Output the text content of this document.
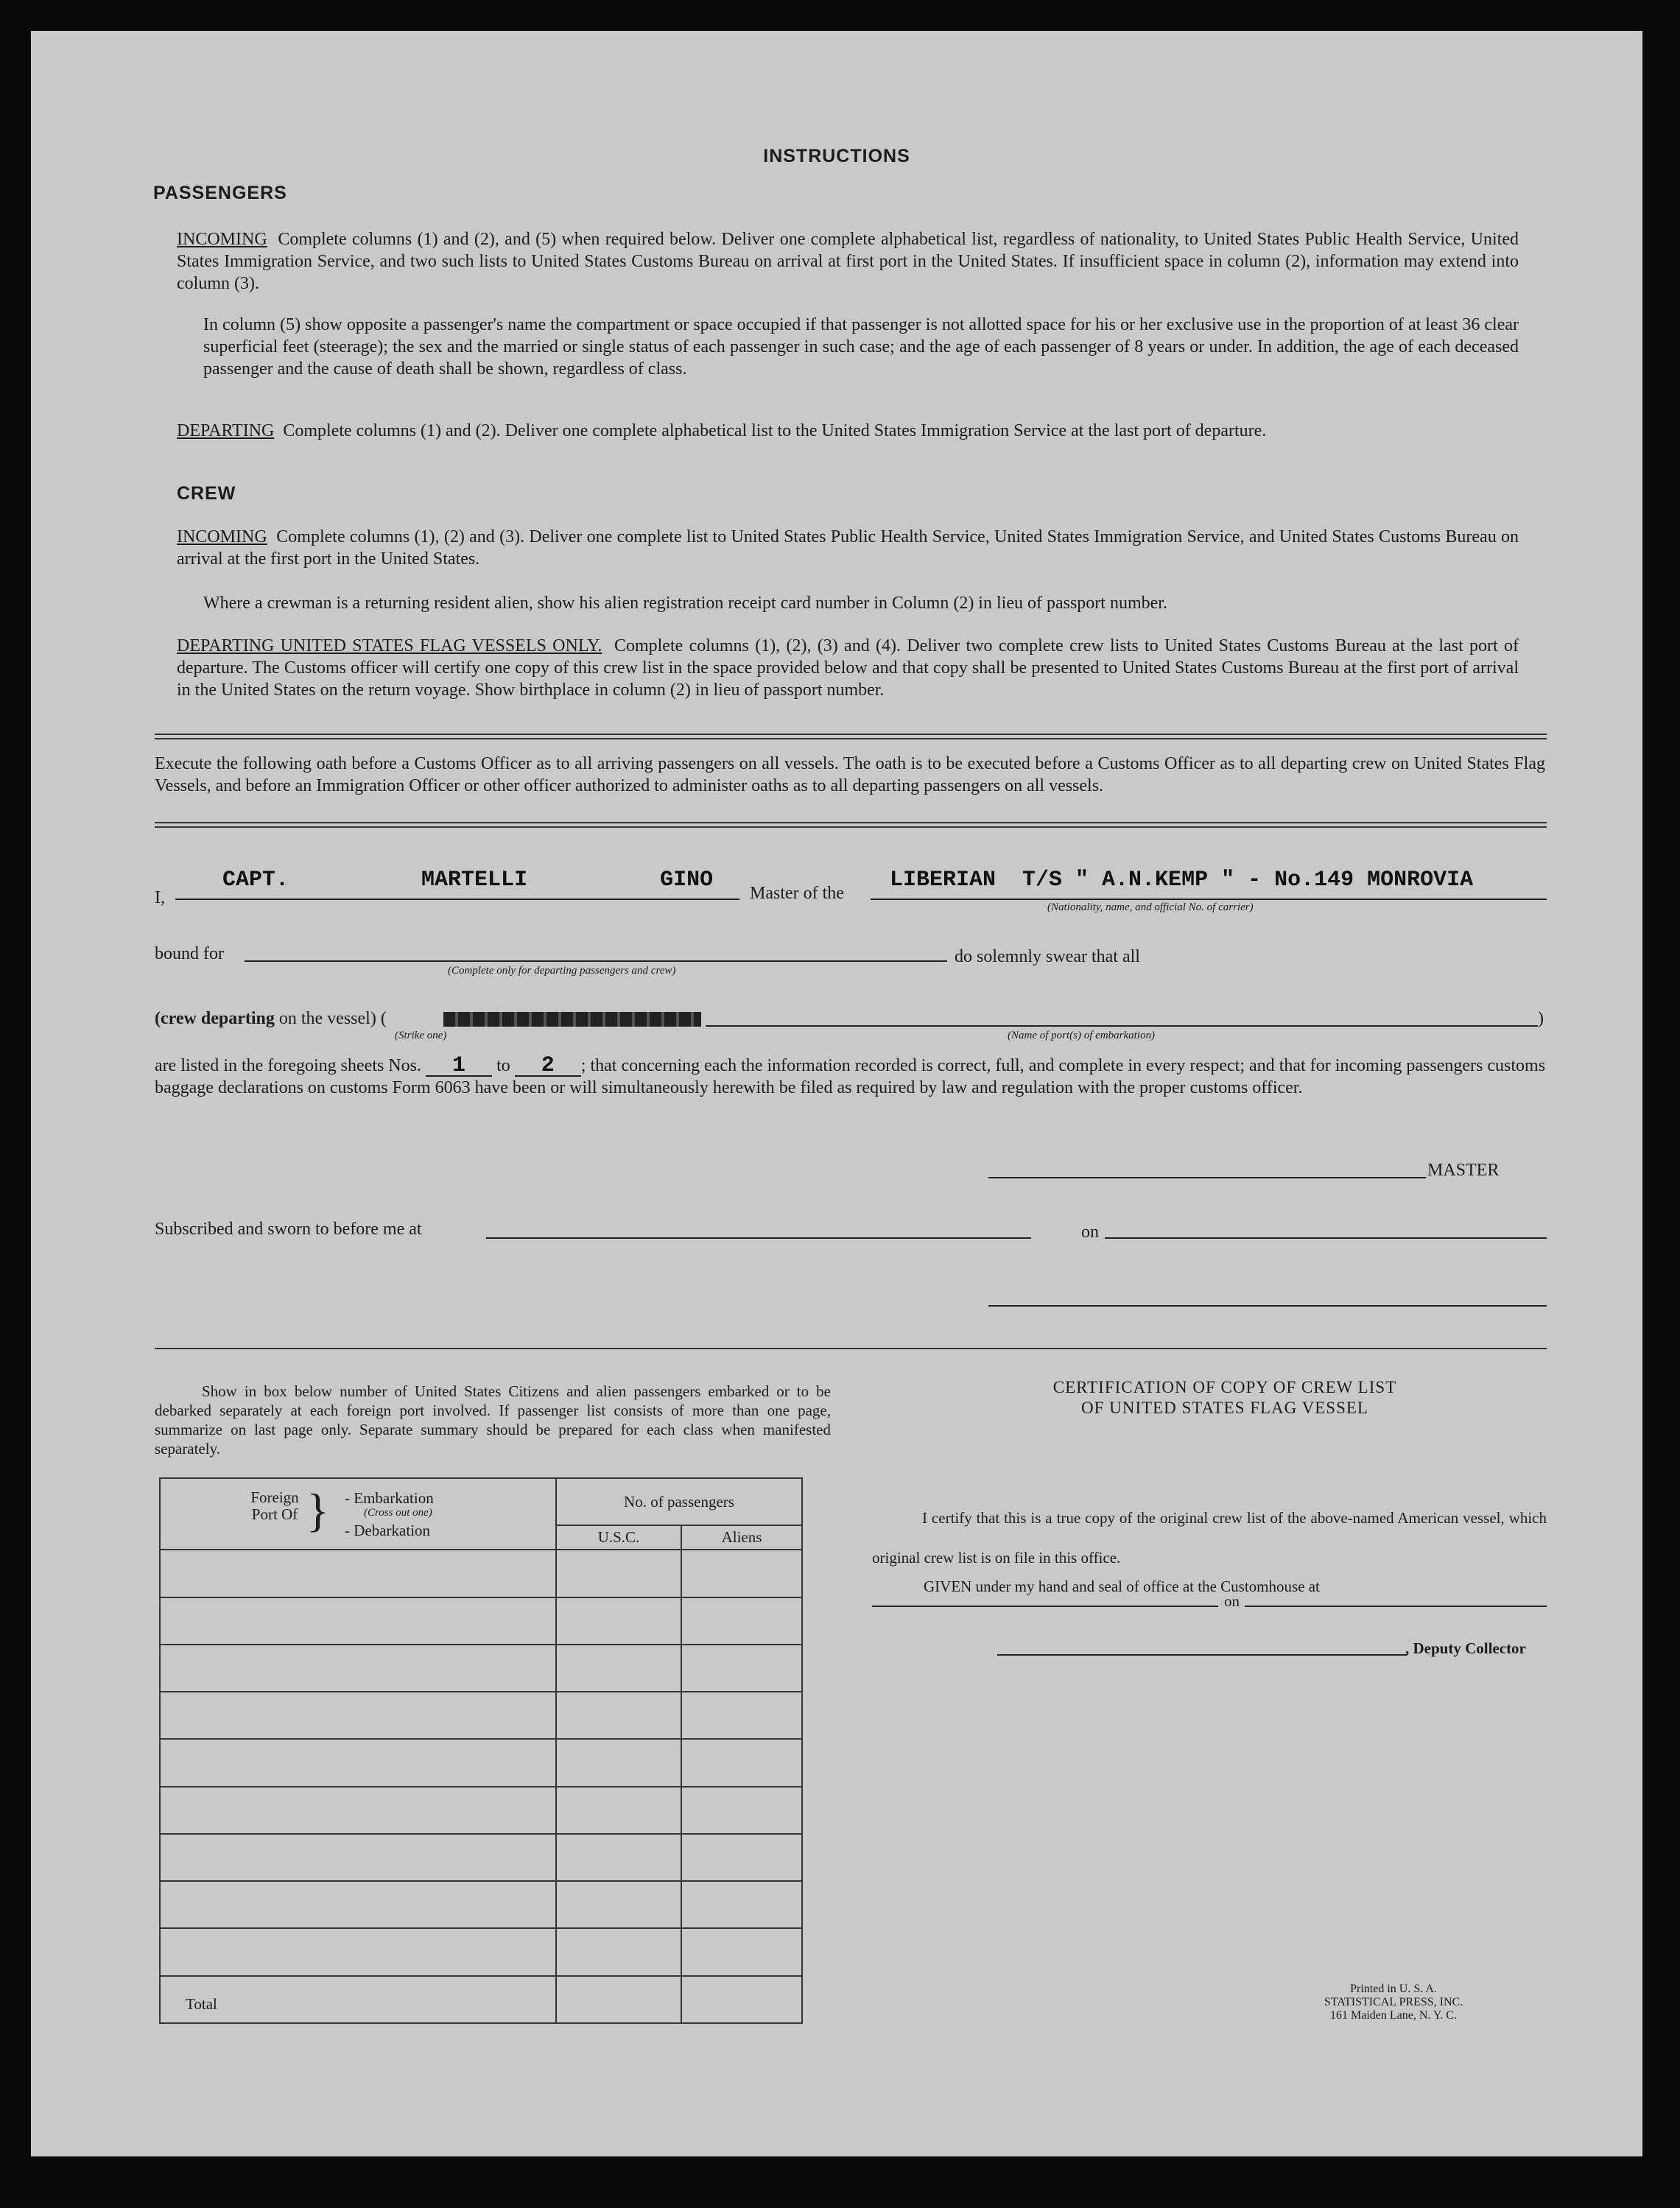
INSTRUCTIONS
PASSENGERS
INCOMING Complete columns (1) and (2), and (5) when required below. Deliver one complete alphabetical list, regardless of nationality, to United States Public Health Service, United States Immigration Service, and two such lists to United States Customs Bureau on arrival at first port in the United States. If insufficient space in column (2), information may extend into column (3).
In column (5) show opposite a passenger's name the compartment or space occupied if that passenger is not allotted space for his or her exclusive use in the proportion of at least 36 clear superficial feet (steerage); the sex and the married or single status of each passenger in such case; and the age of each passenger of 8 years or under. In addition, the age of each deceased passenger and the cause of death shall be shown, regardless of class.
DEPARTING Complete columns (1) and (2). Deliver one complete alphabetical list to the United States Immigration Service at the last port of departure.
CREW
INCOMING Complete columns (1), (2) and (3). Deliver one complete list to United States Public Health Service, United States Immigration Service, and United States Customs Bureau on arrival at the first port in the United States.
Where a crewman is a returning resident alien, show his alien registration receipt card number in Column (2) in lieu of passport number.
DEPARTING UNITED STATES FLAG VESSELS ONLY. Complete columns (1), (2), (3) and (4). Deliver two complete crew lists to United States Customs Bureau at the last port of departure. The Customs officer will certify one copy of this crew list in the space provided below and that copy shall be presented to United States Customs Bureau at the first port of arrival in the United States on the return voyage. Show birthplace in column (2) in lieu of passport number.
Execute the following oath before a Customs Officer as to all arriving passengers on all vessels. The oath is to be executed before a Customs Officer as to all departing crew on United States Flag Vessels, and before an Immigration Officer or other officer authorized to administer oaths as to all departing passengers on all vessels.
I,
CAPT.          MARTELLI          GINO
Master of the
LIBERIAN  T/S " A.N.KEMP " - No.149 MONROVIA
(Nationality, name, and official No. of carrier)
bound for
(Complete only for departing passengers and crew)
do solemnly swear that all
(crew departing on the vessel) (
(Strike one)
)
(Name of port(s) of embarkation)
are listed in the foregoing sheets Nos. 1 to 2 ; that concerning each the information recorded is correct, full, and complete in every respect; and that for incoming passengers customs baggage declarations on customs Form 6063 have been or will simultaneously herewith be filed as required by law and regulation with the proper customs officer.
MASTER
Subscribed and sworn to before me at	on
Show in box below number of United States Citizens and alien passengers embarked or to be debarked separately at each foreign port involved. If passenger list consists of more than one page, summarize on last page only. Separate summary should be prepared for each class when manifested separately.
Foreign Port Of } - Embarkation
(Cross out one)
- Debarkation	No. of passengers	
	U.S.C.	Aliens

Total		
CERTIFICATION OF COPY OF CREW LIST
OF UNITED STATES FLAG VESSEL
I certify that this is a true copy of the original crew list of the above-named American vessel, which original crew list is on file in this office.
GIVEN under my hand and seal of office at the Customhouse at
on
, Deputy Collector
Printed in U. S. A.
STATISTICAL PRESS, INC.
161 Maiden Lane, N. Y. C.
